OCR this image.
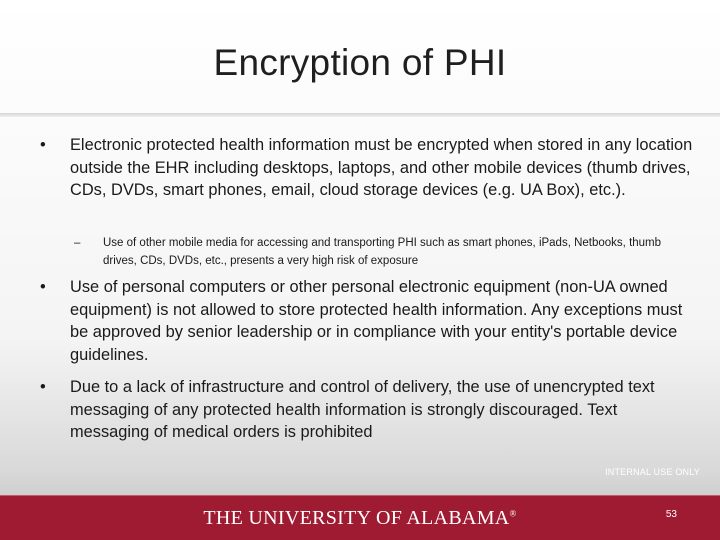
Encryption of PHI
•	Electronic protected health information must be encrypted when stored in any location outside the EHR including desktops, laptops, and other mobile devices (thumb drives, CDs, DVDs, smart phones, email, cloud storage devices (e.g. UA Box), etc.).
– Use of other mobile media for accessing and transporting PHI such as smart phones, iPads, Netbooks, thumb drives, CDs, DVDs, etc., presents a very high risk of exposure
•	Use of personal computers or other personal electronic equipment (non-UA owned equipment) is not allowed to store protected health information. Any exceptions must be approved by senior leadership or in compliance with your entity's portable device guidelines.
•	Due to a lack of infrastructure and control of delivery, the use of unencrypted text messaging of any protected health information is strongly discouraged. Text messaging of medical orders is prohibited
INTERNAL USE ONLY
THE UNIVERSITY OF ALABAMA®	53
